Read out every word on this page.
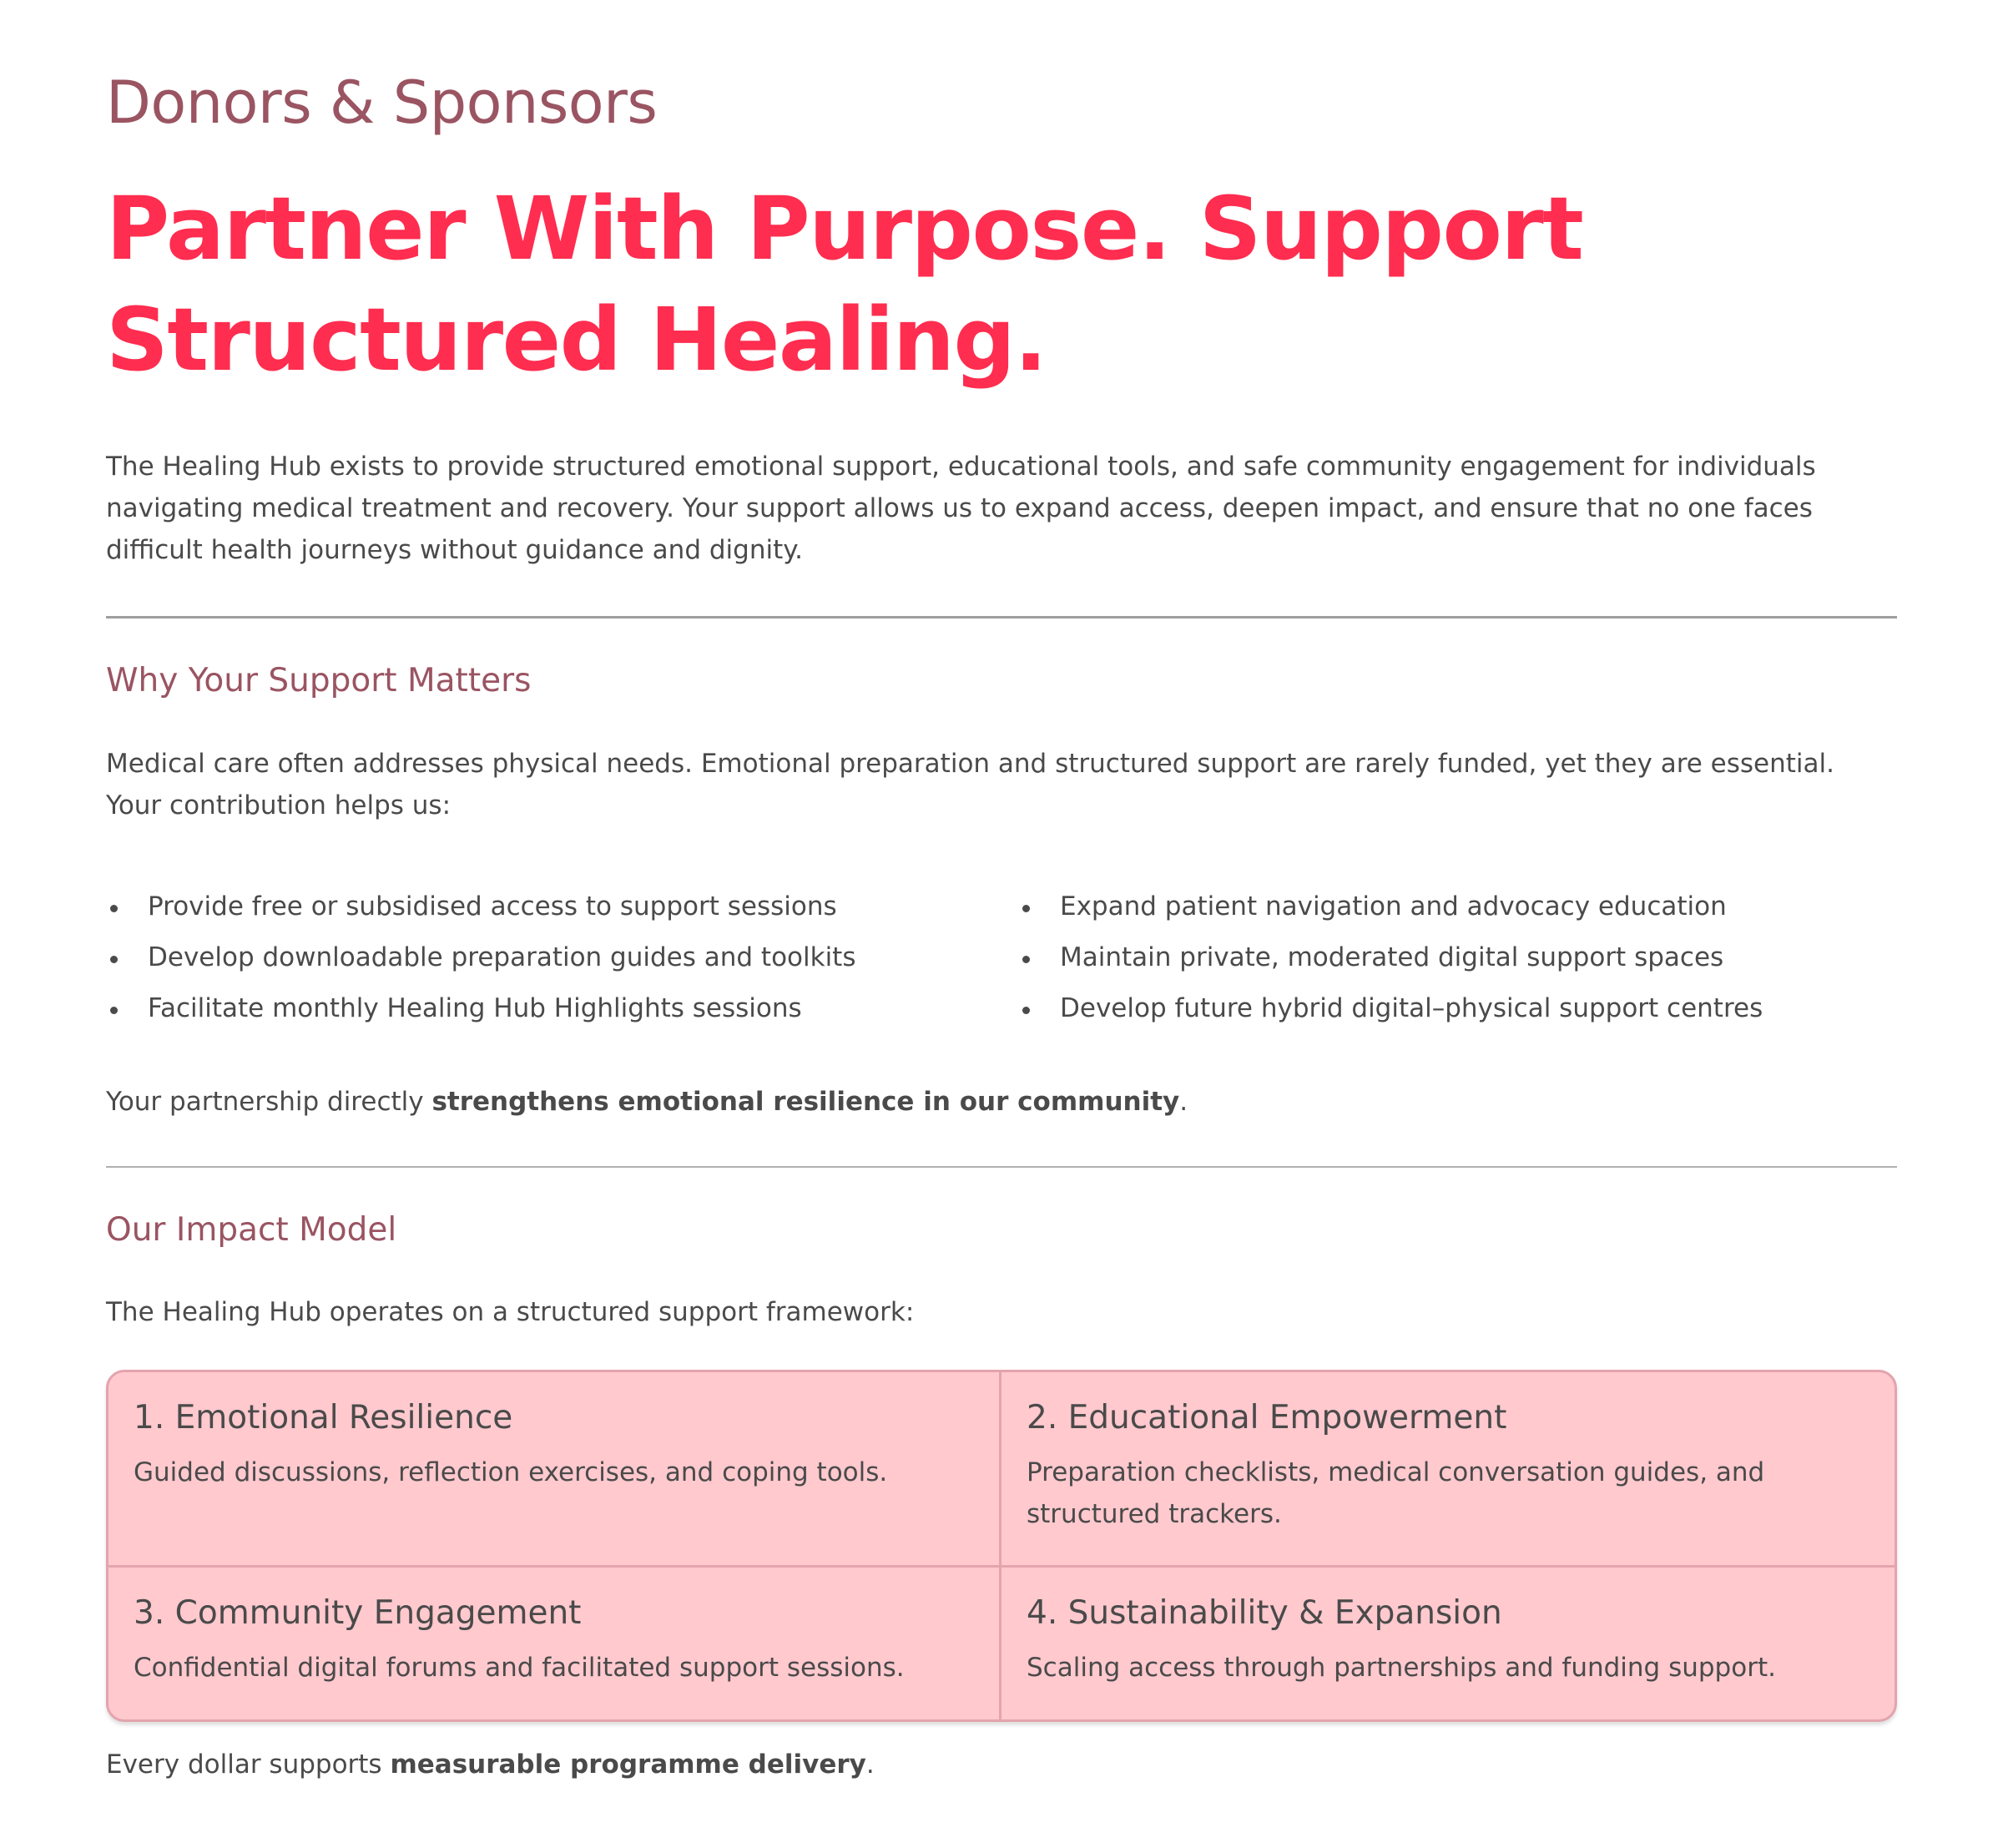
Donors & Sponsors
Partner With Purpose. Support Structured Healing.

The Healing Hub exists to provide structured emotional support, educational tools, and safe community engagement for individuals navigating medical treatment and recovery. Your support allows us to expand access, deepen impact, and ensure that no one faces difficult health journeys without guidance and dignity.

Why Your Support Matters

Medical care often addresses physical needs. Emotional preparation and structured support are rarely funded, yet they are essential. Your contribution helps us:

Provide free or subsidised access to support sessions
Develop downloadable preparation guides and toolkits
Facilitate monthly Healing Hub Highlights sessions
Expand patient navigation and advocacy education
Maintain private, moderated digital support spaces
Develop future hybrid digital–physical support centres

Your partnership directly strengthens emotional resilience in our community.

Our Impact Model

The Healing Hub operates on a structured support framework:

1. Emotional Resilience

Guided discussions, reflection exercises, and coping tools.

2. Educational Empowerment

Preparation checklists, medical conversation guides, and structured trackers.

3. Community Engagement

Confidential digital forums and facilitated support sessions.

4. Sustainability & Expansion

Scaling access through partnerships and funding support.

Every dollar supports measurable programme delivery.
